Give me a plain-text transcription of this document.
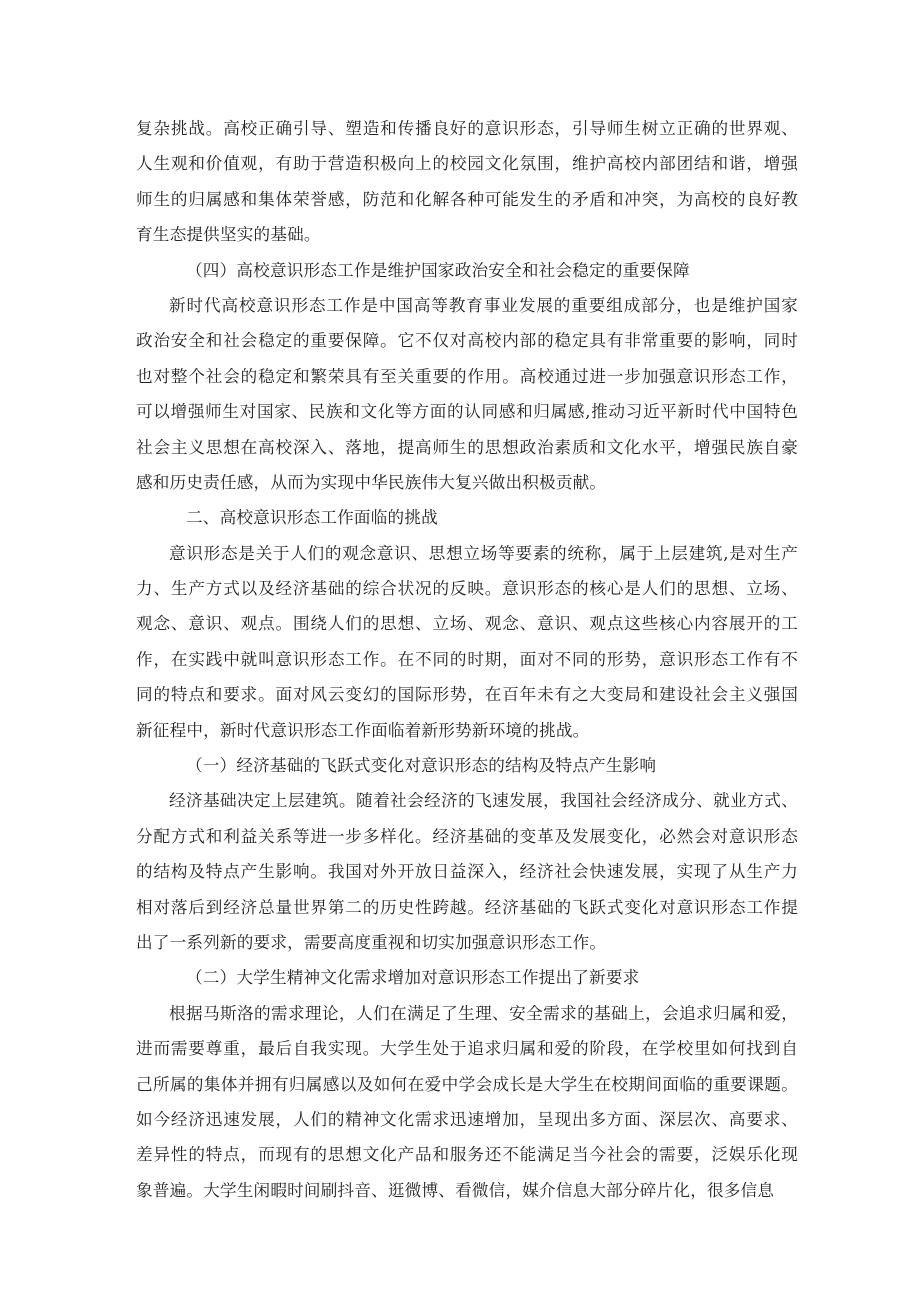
复杂挑战。高校正确引导、塑造和传播良好的意识形态，引导师生树立正确的世界观、
人生观和价值观，有助于营造积极向上的校园文化氛围，维护高校内部团结和谐，增强
师生的归属感和集体荣誉感，防范和化解各种可能发生的矛盾和冲突，为高校的良好教
育生态提供坚实的基础。
（四）高校意识形态工作是维护国家政治安全和社会稳定的重要保障
新时代高校意识形态工作是中国高等教育事业发展的重要组成部分，也是维护国家
政治安全和社会稳定的重要保障。它不仅对高校内部的稳定具有非常重要的影响，同时
也对整个社会的稳定和繁荣具有至关重要的作用。高校通过进一步加强意识形态工作，
可以增强师生对国家、民族和文化等方面的认同感和归属感,推动习近平新时代中国特色
社会主义思想在高校深入、落地，提高师生的思想政治素质和文化水平，增强民族自豪
感和历史责任感，从而为实现中华民族伟大复兴做出积极贡献。
二、高校意识形态工作面临的挑战
意识形态是关于人们的观念意识、思想立场等要素的统称，属于上层建筑,是对生产
力、生产方式以及经济基础的综合状况的反映。意识形态的核心是人们的思想、立场、
观念、意识、观点。围绕人们的思想、立场、观念、意识、观点这些核心内容展开的工
作，在实践中就叫意识形态工作。在不同的时期，面对不同的形势，意识形态工作有不
同的特点和要求。面对风云变幻的国际形势，在百年未有之大变局和建设社会主义强国
新征程中，新时代意识形态工作面临着新形势新环境的挑战。
（一）经济基础的飞跃式变化对意识形态的结构及特点产生影响
经济基础决定上层建筑。随着社会经济的飞速发展，我国社会经济成分、就业方式、
分配方式和利益关系等进一步多样化。经济基础的变革及发展变化，必然会对意识形态
的结构及特点产生影响。我国对外开放日益深入，经济社会快速发展，实现了从生产力
相对落后到经济总量世界第二的历史性跨越。经济基础的飞跃式变化对意识形态工作提
出了一系列新的要求，需要高度重视和切实加强意识形态工作。
（二）大学生精神文化需求增加对意识形态工作提出了新要求
根据马斯洛的需求理论，人们在满足了生理、安全需求的基础上，会追求归属和爱，
进而需要尊重，最后自我实现。大学生处于追求归属和爱的阶段，在学校里如何找到自
己所属的集体并拥有归属感以及如何在爱中学会成长是大学生在校期间面临的重要课题。
如今经济迅速发展，人们的精神文化需求迅速增加，呈现出多方面、深层次、高要求、
差异性的特点，而现有的思想文化产品和服务还不能满足当今社会的需要，泛娱乐化现
象普遍。大学生闲暇时间刷抖音、逛微博、看微信，媒介信息大部分碎片化，很多信息
